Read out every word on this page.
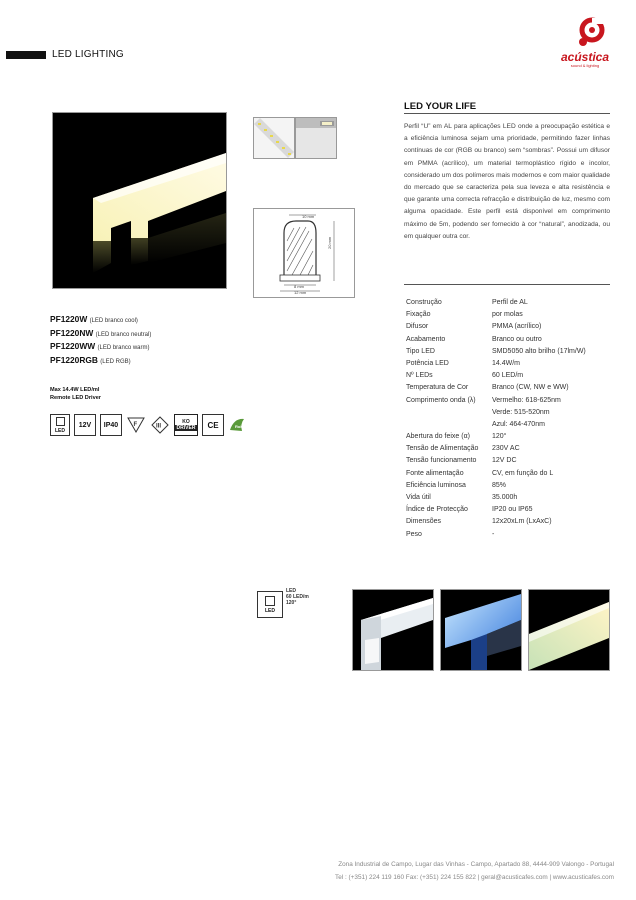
LED LIGHTING	acústica
sound & lighting
10 mm
20 mm
8 mm
12 mm
LED YOUR LIFE
Perfil “U” em AL para aplicações LED onde a preocupação estética e a eficiência luminosa sejam uma prioridade, permitindo fazer linhas contínuas de cor (RGB ou branco) sem “sombras”. Possui um difusor em PMMA (acrílico), um material termoplástico rígido e incolor, considerado um dos polímeros mais modernos e com maior qualidade do mercado que se caracteriza pela sua leveza e alta resistência e que garante uma correcta refracção e distribuição de luz, mesmo com alguma opacidade. Este perfil está disponível em comprimento máximo de 5m, podendo ser fornecido à cor “natural”, anodizada, ou em qualquer outra cor.
Construção	Perfil de AL
Fixação	por molas
Difusor	PMMA (acrílico)
Acabamento	Branco ou outro
Tipo LED	SMD5050 alto brilho (17lm/W)
Potência LED	14.4W/m
Nº LEDs	60 LED/m
Temperatura de Cor	Branco (CW, NW e WW)
Comprimento onda (λ)	Vermelho: 618-625nm
Verde: 515-520nm
Azul: 464-470nm
Abertura do feixe (α)	120°
Tensão de Alimentação	230V AC
Tensão funcionamento	12V DC
Fonte alimentação	CV, em função do L
Eficiência luminosa	85%
Vida útil	35.000h
Índice de Protecção	IP20 ou IP65
Dimensões	12x20xLm (LxAxC)
Peso	-
PF1220W (LED branco cool)
PF1220NW (LED branco neutral)
PF1220WW (LED branco warm)
PF1220RGB (LED RGB)
Max 14.4W LED/ml
Remote LED Driver
LED
12V	IP40	F	III
KO
DRIVER	CE	RoHS
LED
LED
60 LED/m
120°
Zona Industrial de Campo, Lugar das Vinhas - Campo, Apartado 88, 4444-909 Valongo - Portugal
Tel : (+351) 224 119 160 Fax: (+351) 224 155 822 | geral@acusticafes.com | www.acusticafes.com
